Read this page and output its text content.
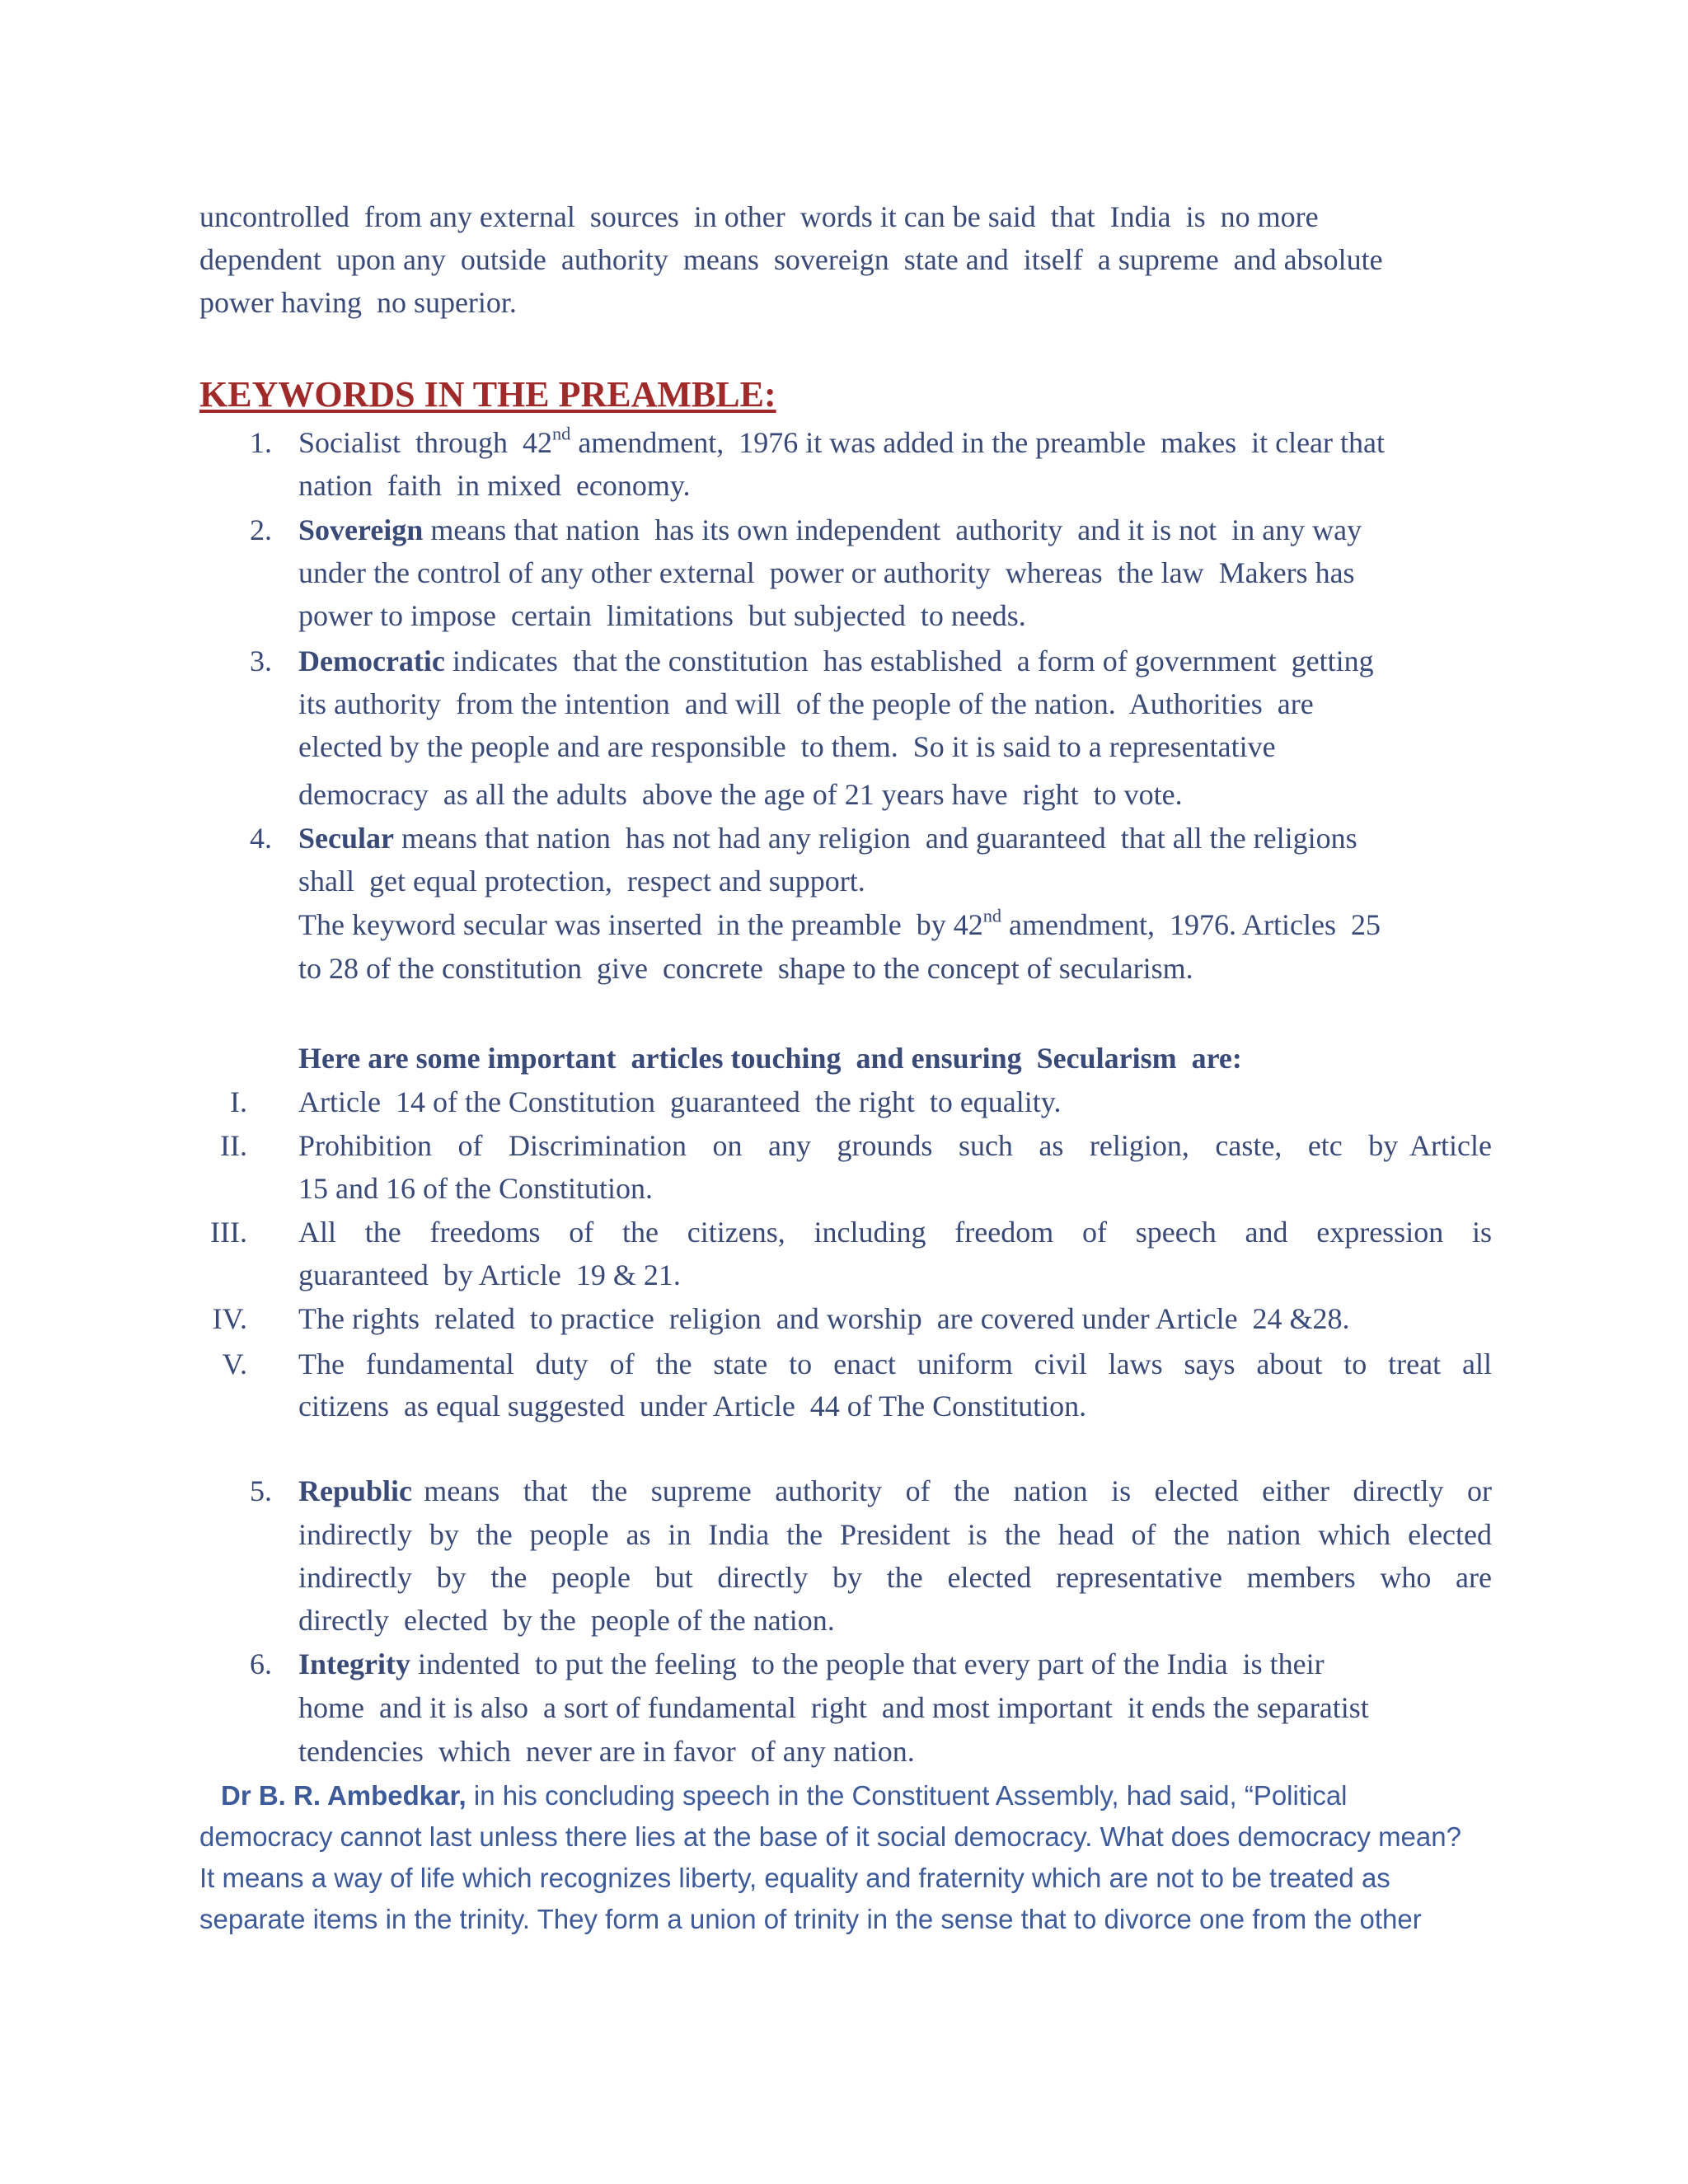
uncontrolled  from any external  sources  in other  words it can be said  that  India  is  no more
dependent  upon any  outside  authority  means  sovereign  state and  itself  a supreme  and absolute
power having  no superior.
KEYWORDS IN THE PREAMBLE:
1. Socialist  through  42nd amendment,  1976 it was added in the preamble  makes  it clear that
nation  faith  in mixed  economy.
2. Sovereign means that nation  has its own independent  authority  and it is not  in any way
under the control of any other external  power or authority  whereas  the law  Makers has
power to impose  certain  limitations  but subjected  to needs.
3. Democratic indicates  that the constitution  has established  a form of government  getting
its authority  from the intention  and will  of the people of the nation.  Authorities  are
elected by the people and are responsible  to them.  So it is said to a representative
democracy  as all the adults  above the age of 21 years have  right  to vote.
4. Secular means that nation  has not had any religion  and guaranteed  that all the religions
shall  get equal protection,  respect and support.
The keyword secular was inserted  in the preamble  by 42nd amendment,  1976. Articles  25
to 28 of the constitution  give  concrete  shape to the concept of secularism.
Here are some important  articles touching  and ensuring  Secularism  are:
I. Article  14 of the Constitution  guaranteed  the right  to equality.
II. Prohibition  of  Discrimination  on  any  grounds  such  as  religion,  caste,  etc  by Article
15 and 16 of the Constitution.
III. All  the  freedoms  of  the  citizens,  including  freedom  of  speech  and  expression  is
guaranteed  by Article  19 & 21.
IV. The rights  related  to practice  religion  and worship  are covered under Article  24 &28.
V. The  fundamental  duty  of  the  state  to  enact  uniform  civil  laws  says  about  to  treat  all
citizens  as equal suggested  under Article  44 of The Constitution.
5. Republic means  that  the  supreme  authority  of  the  nation  is  elected  either  directly  or
indirectly  by  the  people  as  in  India  the  President  is  the  head  of  the  nation  which  elected
indirectly  by  the  people  but  directly  by  the  elected  representative  members  who  are
directly  elected  by the  people of the nation.
6. Integrity indented  to put the feeling  to the people that every part of the India  is their
home  and it is also  a sort of fundamental  right  and most important  it ends the separatist
tendencies  which  never are in favor  of any nation.
Dr B. R. Ambedkar, in his concluding speech in the Constituent Assembly, had said, “Political
democracy cannot last unless there lies at the base of it social democracy. What does democracy mean?
It means a way of life which recognizes liberty, equality and fraternity which are not to be treated as
separate items in the trinity. They form a union of trinity in the sense that to divorce one from the other
